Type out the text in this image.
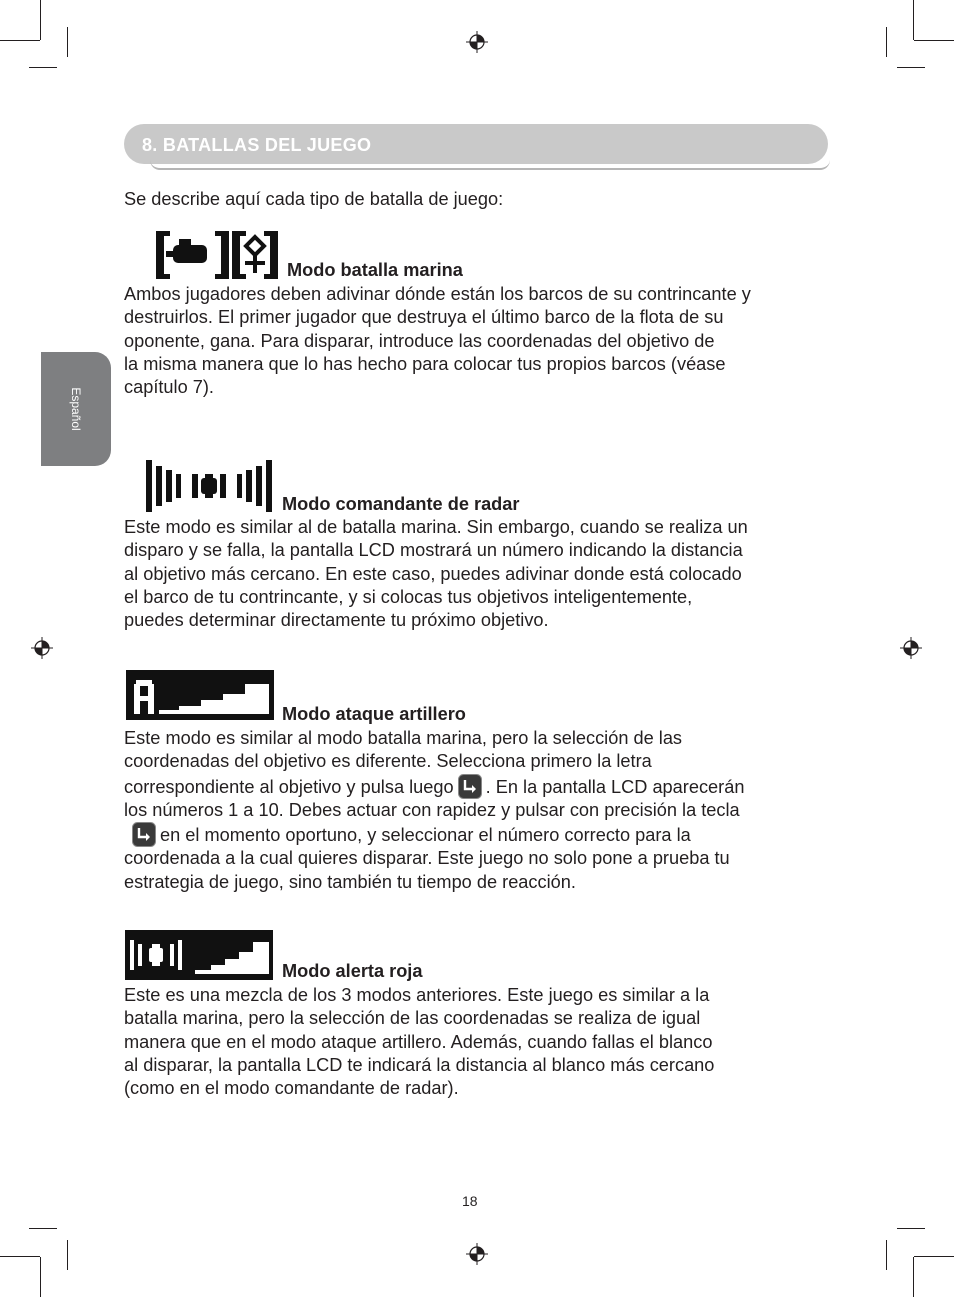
8. BATALLAS DEL JUEGO
Español
Se describe aquí cada tipo de batalla de juego:
Modo batalla marina
Ambos jugadores deben adivinar dónde están los barcos de su contrincante y
destruirlos. El primer jugador que destruya el último barco de la flota de su
oponente, gana. Para disparar, introduce las coordenadas del objetivo de
la misma manera que lo has hecho para colocar tus propios barcos (véase
capítulo 7).
Modo comandante de radar
Este modo es similar al de batalla marina. Sin embargo, cuando se realiza un
disparo y se falla, la pantalla LCD mostrará un número indicando la distancia
al objetivo más cercano. En este caso, puedes adivinar donde está colocado
el barco de tu contrincante, y si colocas tus objetivos inteligentemente,
puedes determinar directamente tu próximo objetivo.
Modo ataque artillero
Este modo es similar al modo batalla marina, pero la selección de las
coordenadas del objetivo es diferente. Selecciona primero la letra
correspondiente al objetivo y pulsa luego . En la pantalla LCD aparecerán
los números 1 a 10. Debes actuar con rapidez y pulsar con precisión la tecla
en el momento oportuno, y seleccionar el número correcto para la
coordenada a la cual quieres disparar. Este juego no solo pone a prueba tu
estrategia de juego, sino también tu tiempo de reacción.
Modo alerta roja
Este es una mezcla de los 3 modos anteriores. Este juego es similar a la
batalla marina, pero la selección de las coordenadas se realiza de igual
manera que en el modo ataque artillero. Además, cuando fallas el blanco
al disparar, la pantalla LCD te indicará la distancia al blanco más cercano
(como en el modo comandante de radar).
18
